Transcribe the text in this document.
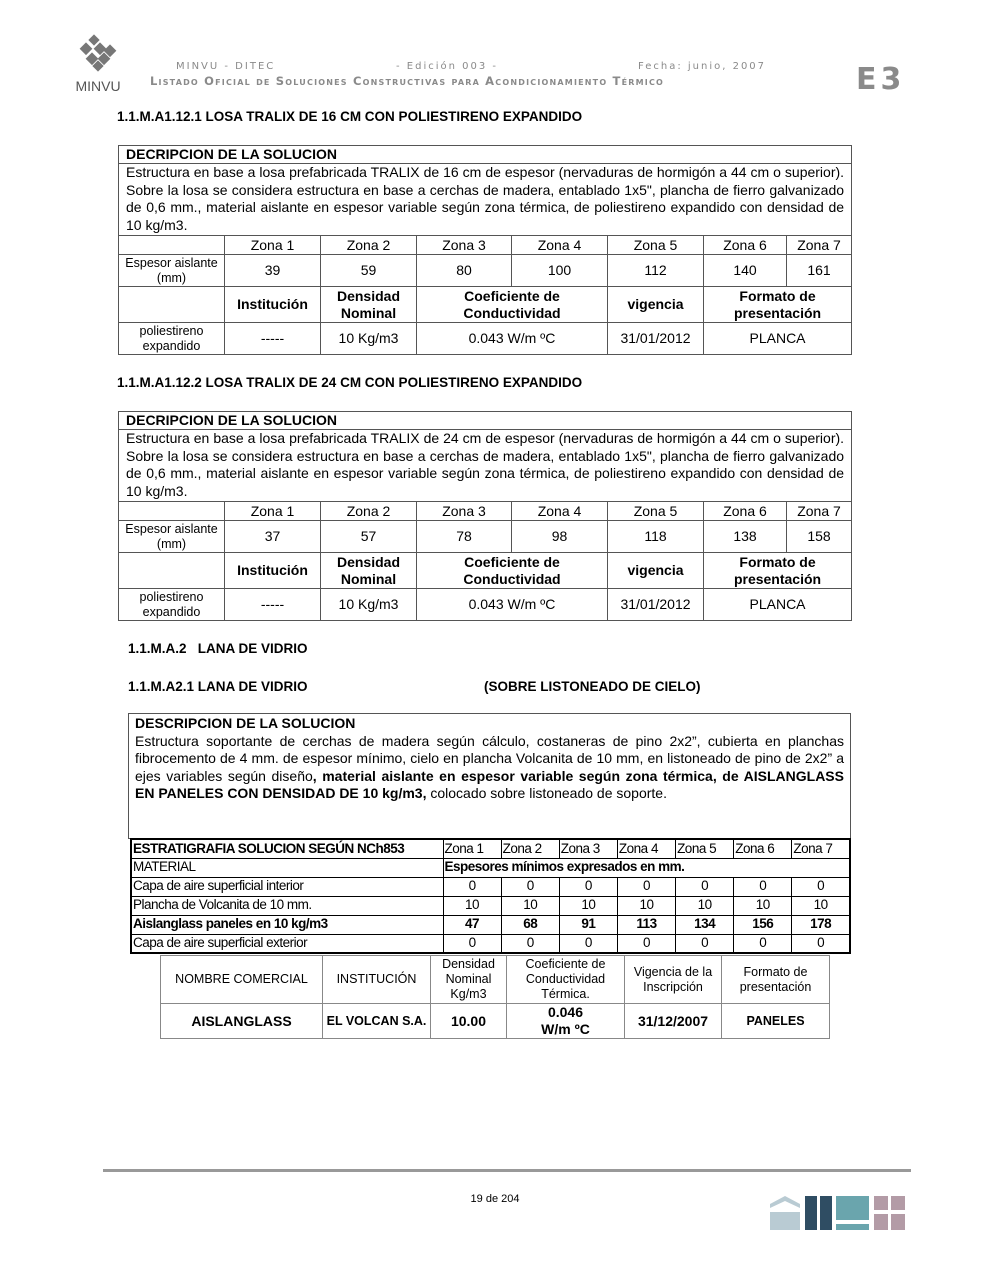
MINVU
MINVU - DITEC	- Edición 003 -	Fecha: junio, 2007
Listado Oficial de Soluciones Constructivas para Acondicionamiento Térmico	E3
1.1.M.A1.12.1 LOSA TRALIX DE 16 CM CON POLIESTIRENO EXPANDIDO
DECRIPCION DE LA SOLUCION							
Estructura en base a losa prefabricada TRALIX de 16 cm de espesor (nervaduras de hormigón a 44 cm o superior). Sobre la losa se considera estructura en base a cerchas de madera, entablado 1x5", plancha de fierro galvanizado de 0,6 mm., material aislante en espesor variable según zona térmica, de poliestireno expandido con densidad de 10 kg/m3.							
	Zona 1	Zona 2	Zona 3	Zona 4	Zona 5	Zona 6	Zona 7
Espesor aislante (mm)	39	59	80	100	112	140	161
	Institución	Densidad Nominal	Coeficiente de Conductividad		vigencia	Formato de presentación	
poliestireno expandido	-----	10 Kg/m3	0.043 W/m ºC		31/01/2012	PLANCA	
1.1.M.A1.12.2 LOSA TRALIX DE 24 CM CON POLIESTIRENO EXPANDIDO
DECRIPCION DE LA SOLUCION							
Estructura en base a losa prefabricada TRALIX de 24 cm de espesor (nervaduras de hormigón a 44 cm o superior). Sobre la losa se considera estructura en base a cerchas de madera, entablado 1x5", plancha de fierro galvanizado de 0,6 mm., material aislante en espesor variable según zona térmica, de poliestireno expandido con densidad de 10 kg/m3.							
	Zona 1	Zona 2	Zona 3	Zona 4	Zona 5	Zona 6	Zona 7
Espesor aislante (mm)	37	57	78	98	118	138	158
	Institución	Densidad Nominal	Coeficiente de Conductividad		vigencia	Formato de presentación	
poliestireno expandido	-----	10 Kg/m3	0.043 W/m ºC		31/01/2012	PLANCA	
1.1.M.A.2   LANA DE VIDRIO
1.1.M.A2.1 LANA DE VIDRIO	(SOBRE LISTONEADO DE CIELO)
DESCRIPCION DE LA SOLUCION
Estructura soportante de cerchas de madera según cálculo, costaneras de pino 2x2”, cubierta en planchas fibrocemento de 4 mm. de espesor mínimo, cielo en plancha Volcanita de 10 mm, en listoneado de pino de 2x2” a ejes variables según diseño, material aislante en espesor variable según zona térmica, de AISLANGLASS EN PANELES CON DENSIDAD DE 10 kg/m3, colocado sobre listoneado de soporte.
ESTRATIGRAFIA SOLUCION SEGÚN NCh853	Zona 1	Zona 2	Zona 3	Zona 4	Zona 5	Zona 6	Zona 7
MATERIAL	Espesores mínimos expresados en mm.						
Capa de aire superficial interior	0	0	0	0	0	0	0
Plancha de Volcanita de 10 mm.	10	10	10	10	10	10	10
Aislanglass paneles en 10 kg/m3	47	68	91	113	134	156	178
Capa de aire superficial exterior	0	0	0	0	0	0	0
NOMBRE COMERCIAL	INSTITUCIÓN	Densidad Nominal Kg/m3	Coeficiente de Conductividad Térmica.	Vigencia de la Inscripción	Formato de presentación
AISLANGLASS	EL VOLCAN S.A.	10.00	0.046 W/m ºC	31/12/2007	PANELES
19 de 204
